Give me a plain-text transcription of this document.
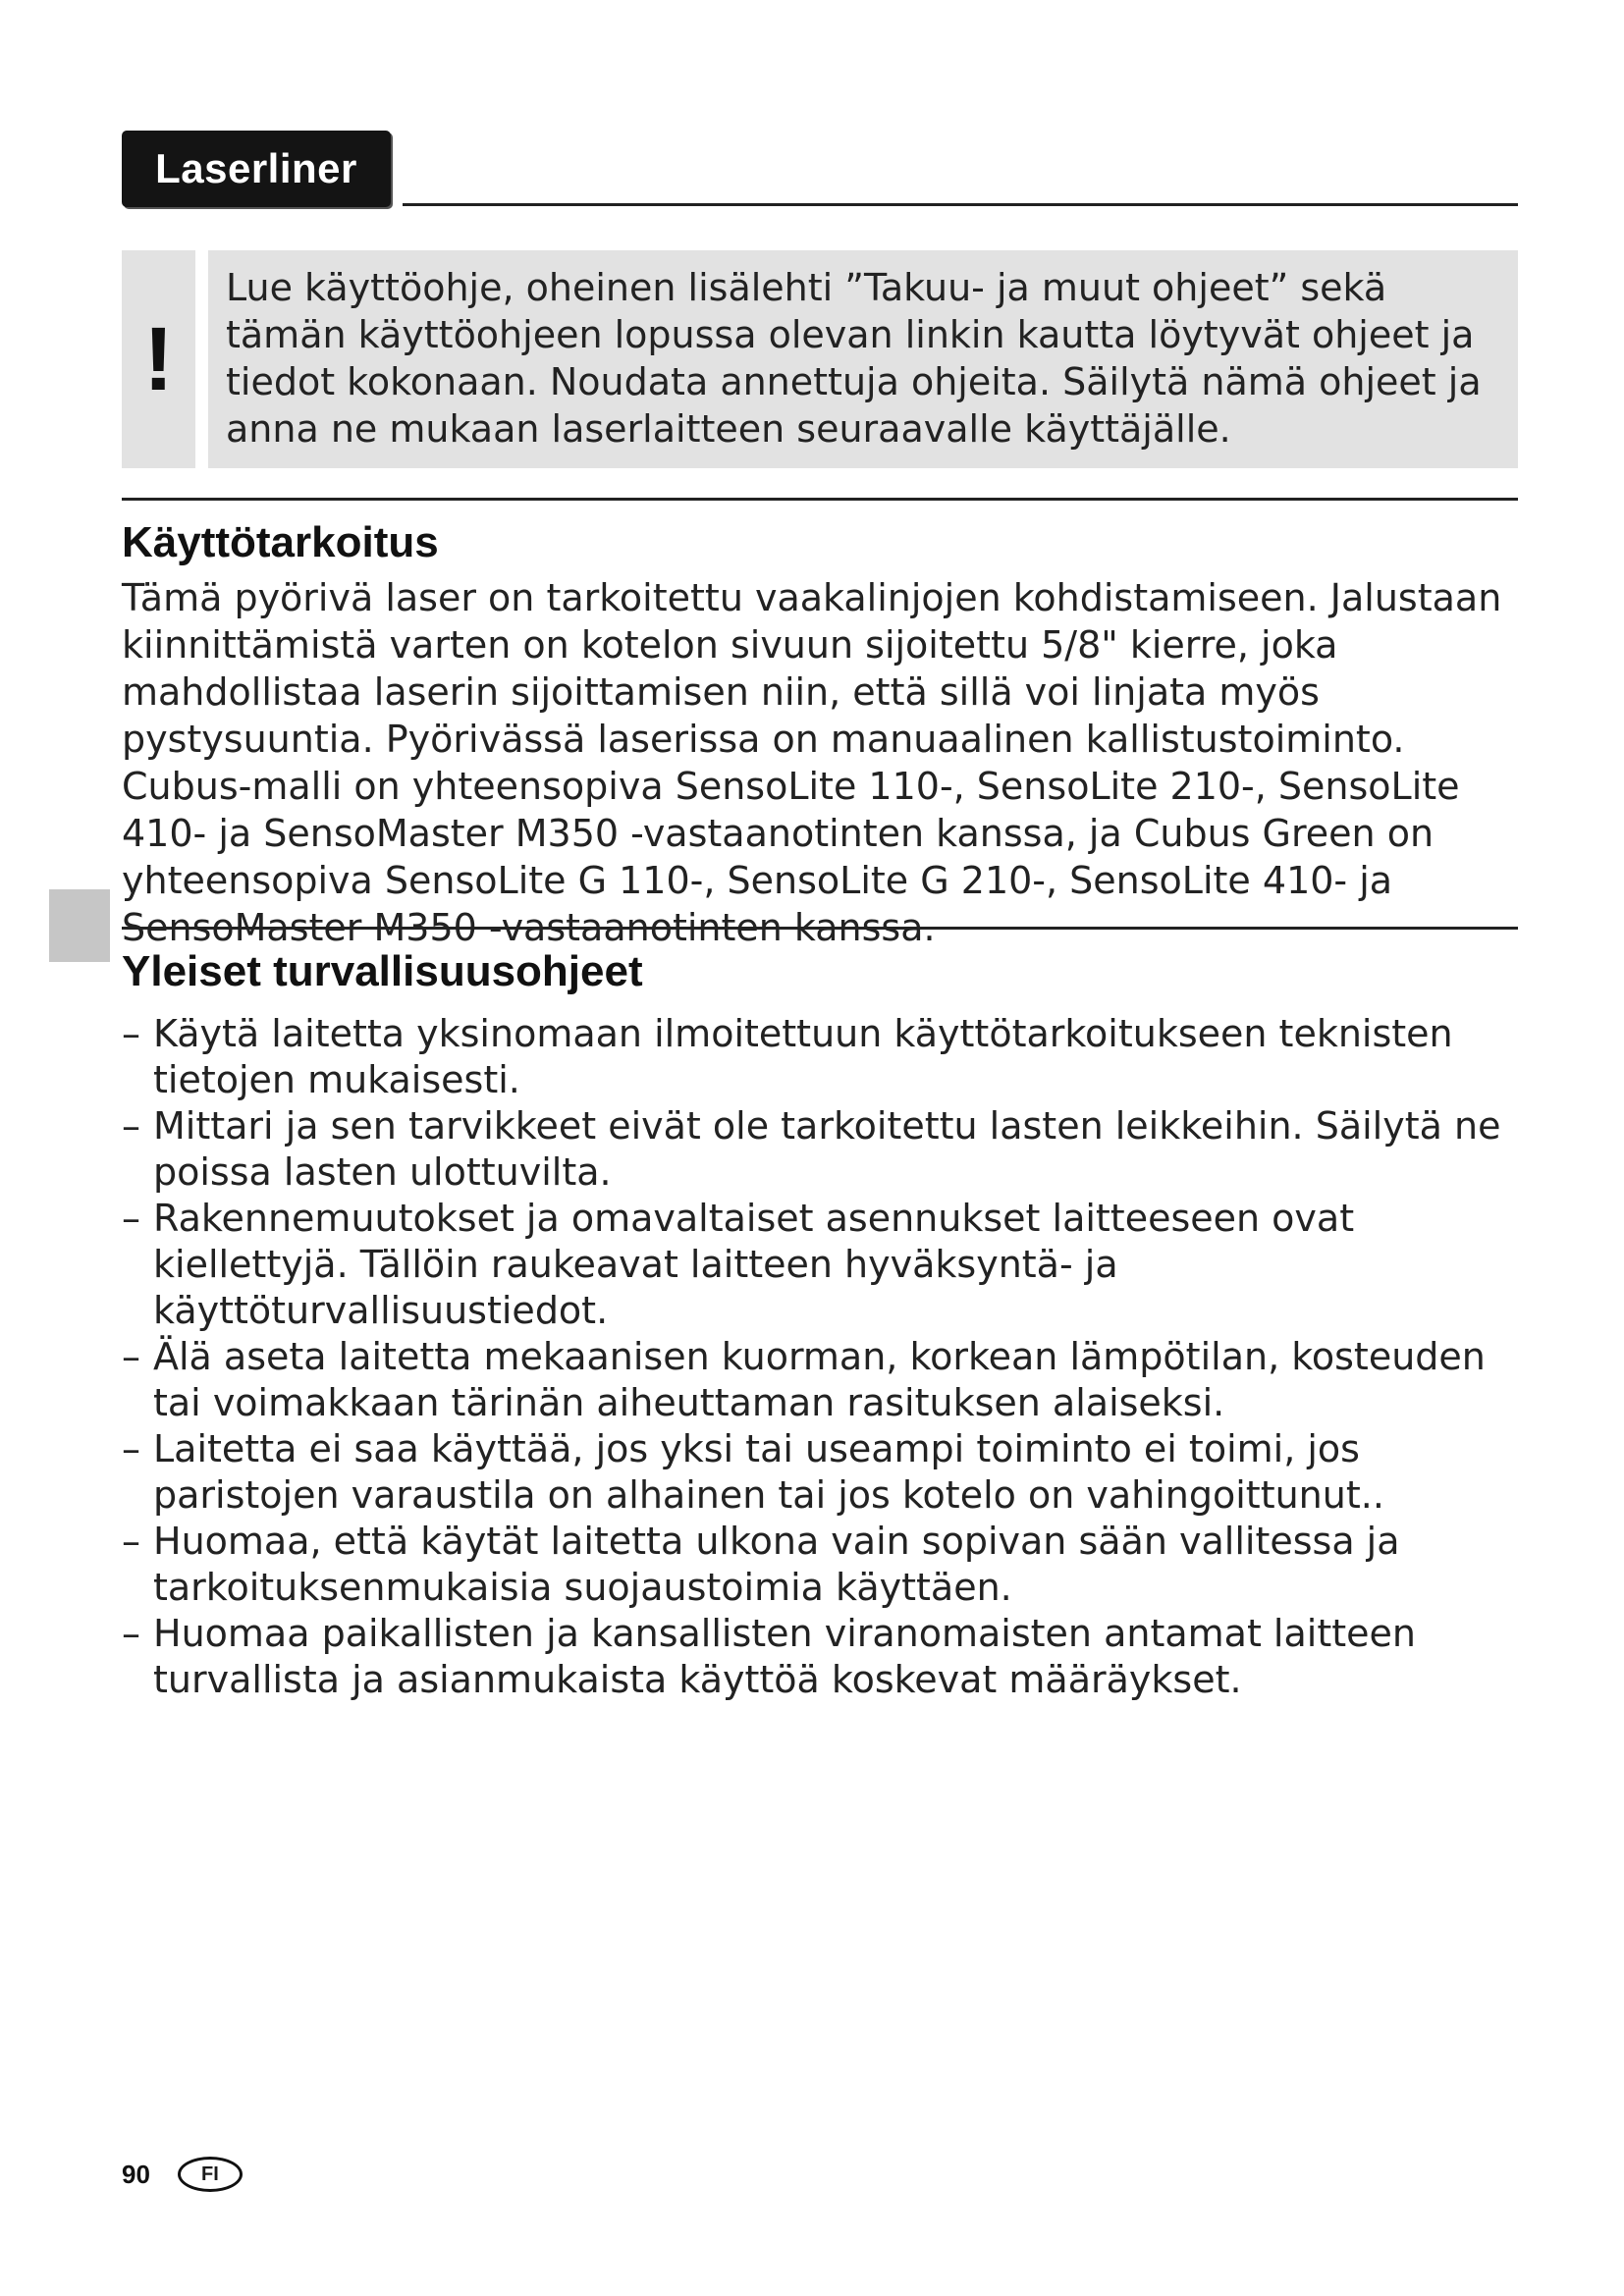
Laserliner
!
Lue käyttöohje, oheinen lisälehti ”Takuu- ja muut ohjeet” sekä tämän käyttöohjeen lopussa olevan linkin kautta löytyvät ohjeet ja tiedot kokonaan. Noudata annettuja ohjeita. Säilytä nämä ohjeet ja anna ne mukaan laserlaitteen seuraavalle käyttäjälle.
Käyttötarkoitus
Tämä pyörivä laser on tarkoitettu vaakalinjojen kohdistamiseen. Jalustaan kiinnittämistä varten on kotelon sivuun sijoitettu 5/8" kierre, joka mahdollistaa laserin sijoittamisen niin, että sillä voi linjata myös pystysuuntia. Pyörivässä laserissa on manuaalinen kallistustoiminto. Cubus-malli on yhteensopiva SensoLite 110-, SensoLite 210-, SensoLite 410- ja SensoMaster M350 -vastaanotinten kanssa, ja Cubus Green on yhteensopiva SensoLite G 110-, SensoLite G 210-, SensoLite 410- ja SensoMaster M350 -vastaanotinten kanssa.
Yleiset turvallisuusohjeet
– Käytä laitetta yksinomaan ilmoitettuun käyttötarkoitukseen teknisten tietojen mukaisesti.
– Mittari ja sen tarvikkeet eivät ole tarkoitettu lasten leikkeihin. Säilytä ne poissa lasten ulottuvilta.
– Rakennemuutokset ja omavaltaiset asennukset laitteeseen ovat kiellettyjä. Tällöin raukeavat laitteen hyväksyntä- ja käyttöturvallisuustiedot.
– Älä aseta laitetta mekaanisen kuorman, korkean lämpötilan, kosteuden tai voimakkaan tärinän aiheuttaman rasituksen alaiseksi.
– Laitetta ei saa käyttää, jos yksi tai useampi toiminto ei toimi, jos paristojen varaustila on alhainen tai jos kotelo on vahingoittunut..
– Huomaa, että käytät laitetta ulkona vain sopivan sään vallitessa ja tarkoituksenmukaisia suojaustoimia käyttäen.
– Huomaa paikallisten ja kansallisten viranomaisten antamat laitteen turvallista ja asianmukaista käyttöä koskevat määräykset.
90	FI
